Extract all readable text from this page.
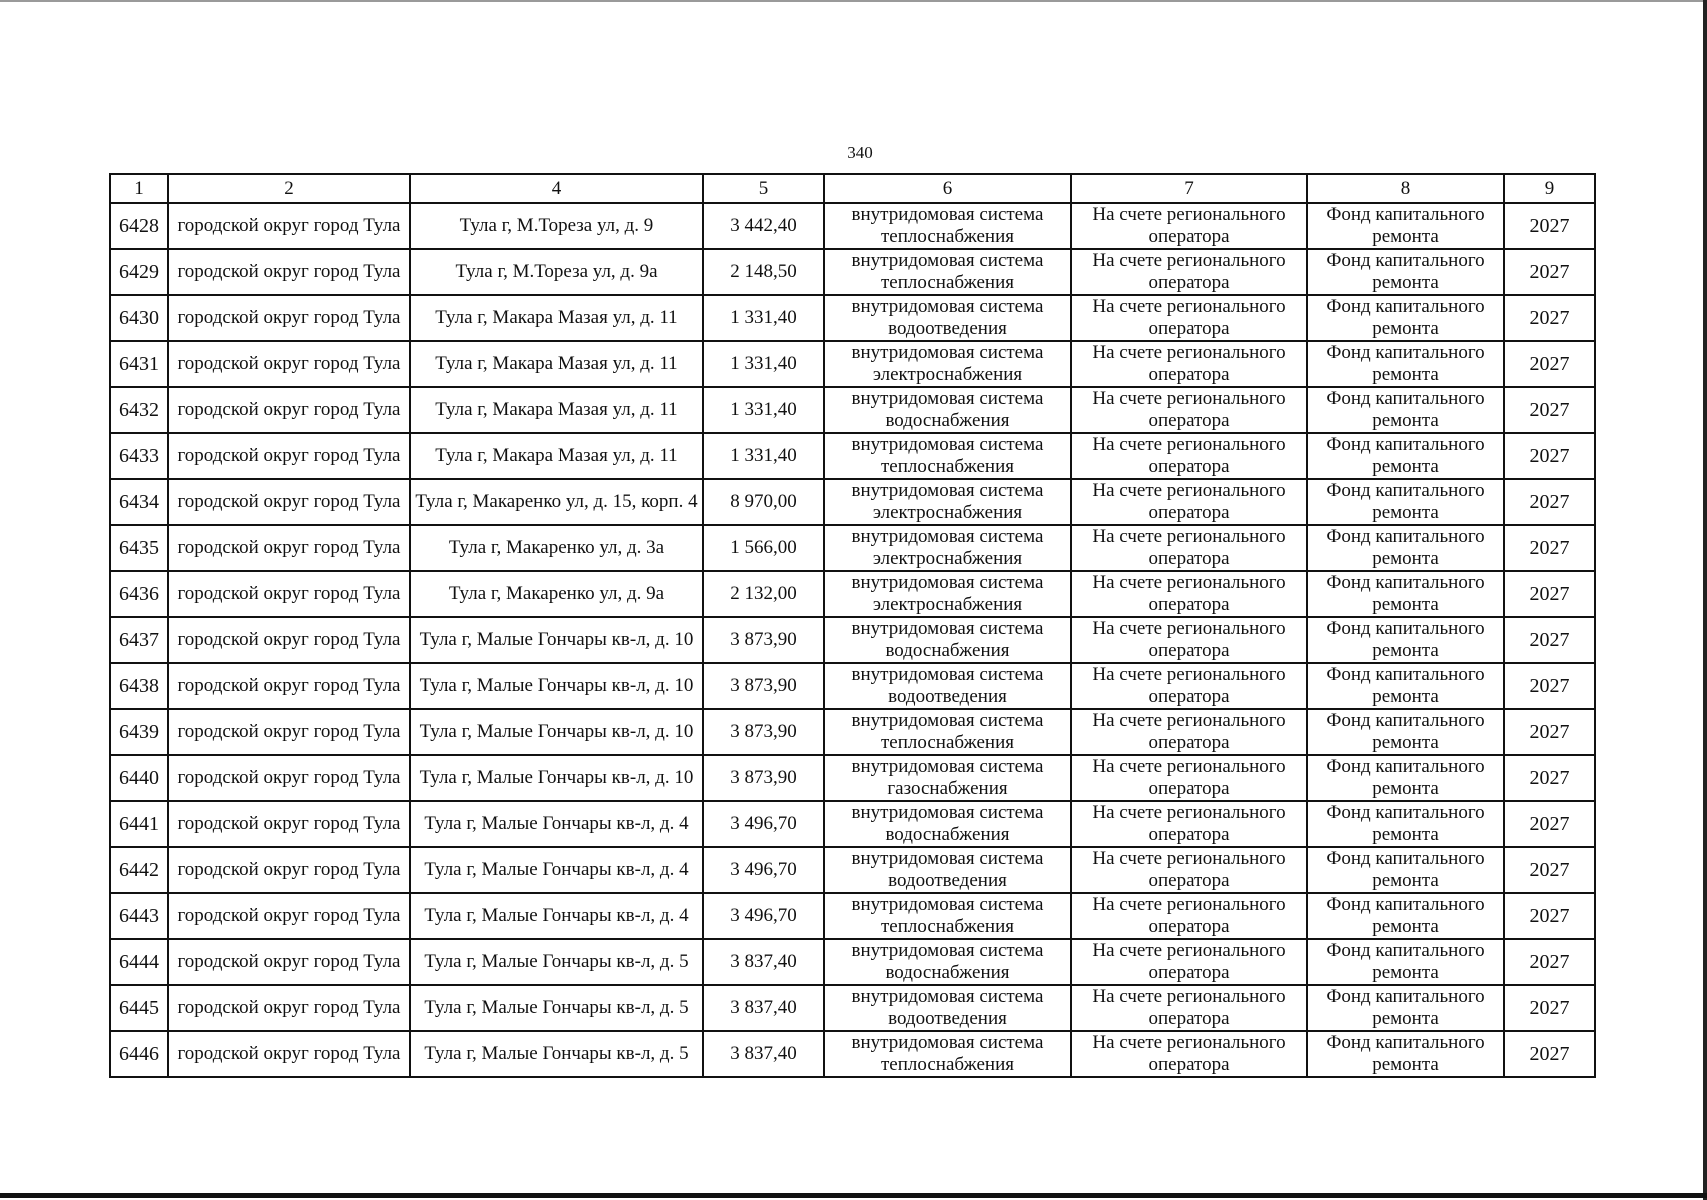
340
1	2	4	5	6	7	8	9
6428	городской округ город Тула	Тула г, М.Тореза ул, д. 9	3 442,40	внутридомовая система теплоснабжения	На счете регионального оператора	Фонд капитального ремонта	2027
6429	городской округ город Тула	Тула г, М.Тореза ул, д. 9а	2 148,50	внутридомовая система теплоснабжения	На счете регионального оператора	Фонд капитального ремонта	2027
6430	городской округ город Тула	Тула г, Макара Мазая ул, д. 11	1 331,40	внутридомовая система водоотведения	На счете регионального оператора	Фонд капитального ремонта	2027
6431	городской округ город Тула	Тула г, Макара Мазая ул, д. 11	1 331,40	внутридомовая система электроснабжения	На счете регионального оператора	Фонд капитального ремонта	2027
6432	городской округ город Тула	Тула г, Макара Мазая ул, д. 11	1 331,40	внутридомовая система водоснабжения	На счете регионального оператора	Фонд капитального ремонта	2027
6433	городской округ город Тула	Тула г, Макара Мазая ул, д. 11	1 331,40	внутридомовая система теплоснабжения	На счете регионального оператора	Фонд капитального ремонта	2027
6434	городской округ город Тула	Тула г, Макаренко ул, д. 15, корп. 4	8 970,00	внутридомовая система электроснабжения	На счете регионального оператора	Фонд капитального ремонта	2027
6435	городской округ город Тула	Тула г, Макаренко ул, д. 3а	1 566,00	внутридомовая система электроснабжения	На счете регионального оператора	Фонд капитального ремонта	2027
6436	городской округ город Тула	Тула г, Макаренко ул, д. 9а	2 132,00	внутридомовая система электроснабжения	На счете регионального оператора	Фонд капитального ремонта	2027
6437	городской округ город Тула	Тула г, Малые Гончары кв-л, д. 10	3 873,90	внутридомовая система водоснабжения	На счете регионального оператора	Фонд капитального ремонта	2027
6438	городской округ город Тула	Тула г, Малые Гончары кв-л, д. 10	3 873,90	внутридомовая система водоотведения	На счете регионального оператора	Фонд капитального ремонта	2027
6439	городской округ город Тула	Тула г, Малые Гончары кв-л, д. 10	3 873,90	внутридомовая система теплоснабжения	На счете регионального оператора	Фонд капитального ремонта	2027
6440	городской округ город Тула	Тула г, Малые Гончары кв-л, д. 10	3 873,90	внутридомовая система газоснабжения	На счете регионального оператора	Фонд капитального ремонта	2027
6441	городской округ город Тула	Тула г, Малые Гончары кв-л, д. 4	3 496,70	внутридомовая система водоснабжения	На счете регионального оператора	Фонд капитального ремонта	2027
6442	городской округ город Тула	Тула г, Малые Гончары кв-л, д. 4	3 496,70	внутридомовая система водоотведения	На счете регионального оператора	Фонд капитального ремонта	2027
6443	городской округ город Тула	Тула г, Малые Гончары кв-л, д. 4	3 496,70	внутридомовая система теплоснабжения	На счете регионального оператора	Фонд капитального ремонта	2027
6444	городской округ город Тула	Тула г, Малые Гончары кв-л, д. 5	3 837,40	внутридомовая система водоснабжения	На счете регионального оператора	Фонд капитального ремонта	2027
6445	городской округ город Тула	Тула г, Малые Гончары кв-л, д. 5	3 837,40	внутридомовая система водоотведения	На счете регионального оператора	Фонд капитального ремонта	2027
6446	городской округ город Тула	Тула г, Малые Гончары кв-л, д. 5	3 837,40	внутридомовая система теплоснабжения	На счете регионального оператора	Фонд капитального ремонта	2027
